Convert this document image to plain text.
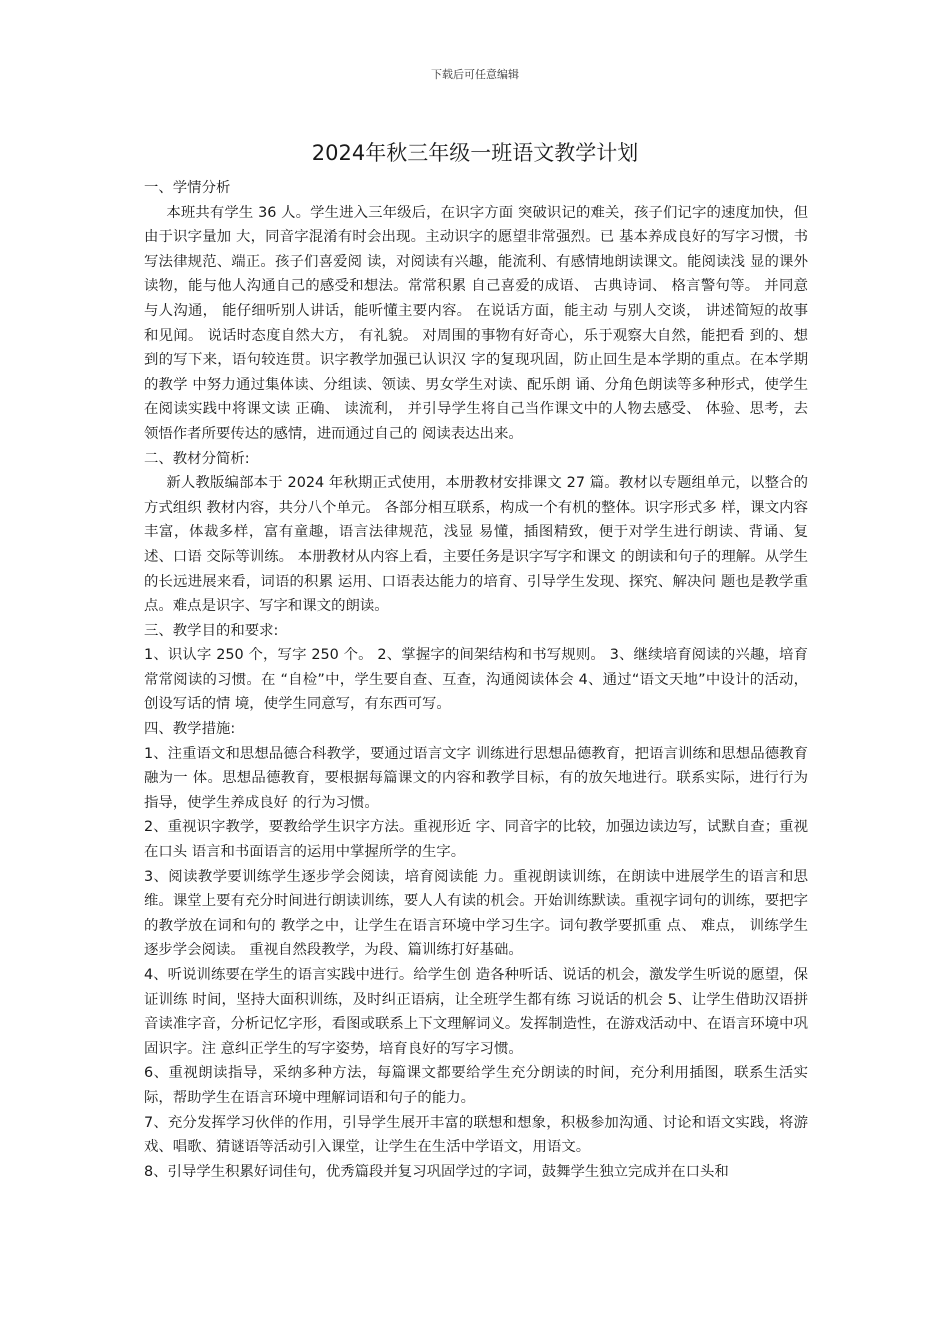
下载后可任意编辑
2024年秋三年级一班语文教学计划

一、学情分析

本班共有学生 36 人。学生进入三年级后，在识字方面 突破识记的难关，孩子们记字的速度加快，但由于识字量加 大，同音字混淆有时会出现。主动识字的愿望非常强烈。已 基本养成良好的写字习惯，书写法律规范、端正。孩子们喜爱阅 读，对阅读有兴趣，能流利、有感情地朗读课文。能阅读浅 显的课外读物，能与他人沟通自己的感受和想法。常常积累 自己喜爱的成语、 古典诗词、 格言警句等。 并同意与人沟通， 能仔细听别人讲话，能听懂主要内容。 在说话方面，能主动 与别人交谈， 讲述简短的故事和见闻。 说话时态度自然大方， 有礼貌。 对周围的事物有好奇心，乐于观察大自然，能把看 到的、想到的写下来，语句较连贯。识字教学加强已认识汉 字的复现巩固，防止回生是本学期的重点。在本学期的教学 中努力通过集体读、分组读、领读、男女学生对读、配乐朗 诵、分角色朗读等多种形式，使学生在阅读实践中将课文读 正确、 读流利， 并引导学生将自己当作课文中的人物去感受、 体验、思考，去领悟作者所要传达的感情，进而通过自己的 阅读表达出来。

二、教材分简析:

新人教版编部本于 2024 年秋期正式使用，本册教材安排课文 27 篇。教材以专题组单元，以整合的方式组织 教材内容，共分八个单元。 各部分相互联系，构成一个有机的整体。识字形式多 样，课文内容丰富，体裁多样，富有童趣，语言法律规范，浅显 易懂，插图精致，便于对学生进行朗读、背诵、复述、口语 交际等训练。 本册教材从内容上看，主要任务是识字写字和课文 的朗读和句子的理解。从学生的长远进展来看，词语的积累 运用、口语表达能力的培育、引导学生发现、探究、解决问 题也是教学重点。难点是识字、写字和课文的朗读。

三、教学目的和要求:

1、识认字 250 个，写字 250 个。 2、掌握字的间架结构和书写规则。 3、继续培育阅读的兴趣，培育常常阅读的习惯。在 “自检”中，学生要自查、互查，沟通阅读体会 4、通过“语文天地”中设计的活动，创设写话的情 境，使学生同意写，有东西可写。

四、教学措施:

1、注重语文和思想品德合科教学，要通过语言文字 训练进行思想品德教育，把语言训练和思想品德教育融为一 体。思想品德教育，要根据每篇课文的内容和教学目标，有的放矢地进行。联系实际，进行行为指导，使学生养成良好 的行为习惯。

2、重视识字教学，要教给学生识字方法。重视形近 字、同音字的比较，加强边读边写，试默自查；重视在口头 语言和书面语言的运用中掌握所学的生字。

3、阅读教学要训练学生逐步学会阅读，培育阅读能 力。重视朗读训练，在朗读中进展学生的语言和思维。课堂上要有充分时间进行朗读训练，要人人有读的机会。开始训练默读。重视字词句的训练，要把字的教学放在词和句的 教学之中，让学生在语言环境中学习生字。词句教学要抓重 点、 难点， 训练学生逐步学会阅读。 重视自然段教学，为段、篇训练打好基础。

4、听说训练要在学生的语言实践中进行。给学生创 造各种听话、说话的机会，激发学生听说的愿望，保证训练 时间，坚持大面积训练，及时纠正语病，让全班学生都有练 习说话的机会 5、让学生借助汉语拼音读准字音，分析记忆字形，看图或联系上下文理解词义。发挥制造性，在游戏活动中、在语言环境中巩固识字。注 意纠正学生的写字姿势，培育良好的写字习惯。

6、重视朗读指导，采纳多种方法，每篇课文都要给学生充分朗读的时间，充分利用插图，联系生活实际，帮助学生在语言环境中理解词语和句子的能力。

7、充分发挥学习伙伴的作用，引导学生展开丰富的联想和想象，积极参加沟通、讨论和语文实践，将游戏、唱歌、猜谜语等活动引入课堂，让学生在生活中学语文，用语文。

8、引导学生积累好词佳句，优秀篇段并复习巩固学过的字词，鼓舞学生独立完成并在口头和
